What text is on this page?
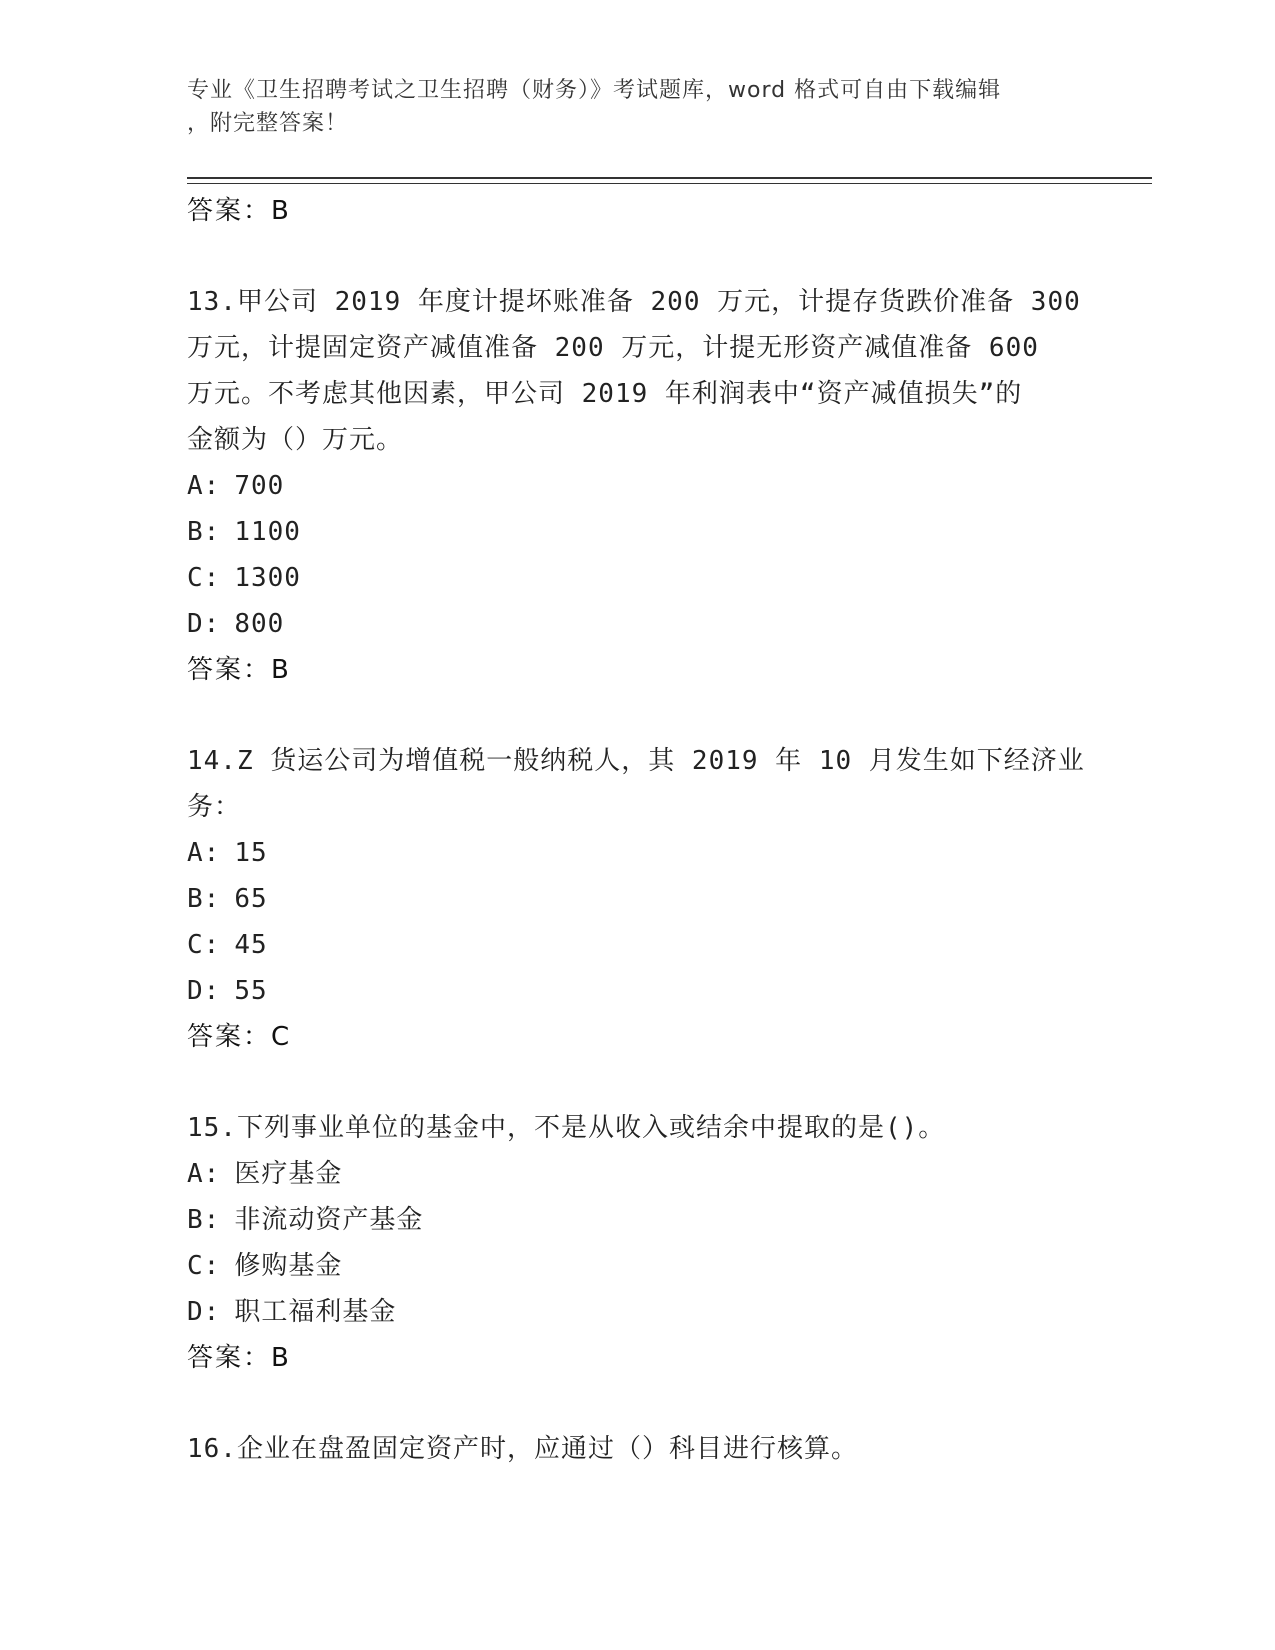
专业《卫生招聘考试之卫生招聘（财务）》考试题库，word 格式可自由下载编辑
，附完整答案！
答案：B
13.甲公司 2019 年度计提坏账准备 200 万元，计提存货跌价准备 300
万元，计提固定资产减值准备 200 万元，计提无形资产减值准备 600
万元。不考虑其他因素，甲公司 2019 年利润表中“资产减值损失”的
金额为（）万元。
A: 700
B: 1100
C: 1300
D: 800
答案：B
14.Z 货运公司为增值税一般纳税人，其 2019 年 10 月发生如下经济业
务：
A: 15
B: 65
C: 45
D: 55
答案：C
15.下列事业单位的基金中，不是从收入或结余中提取的是()。
A: 医疗基金
B: 非流动资产基金
C: 修购基金
D: 职工福利基金
答案：B
16.企业在盘盈固定资产时，应通过（）科目进行核算。
